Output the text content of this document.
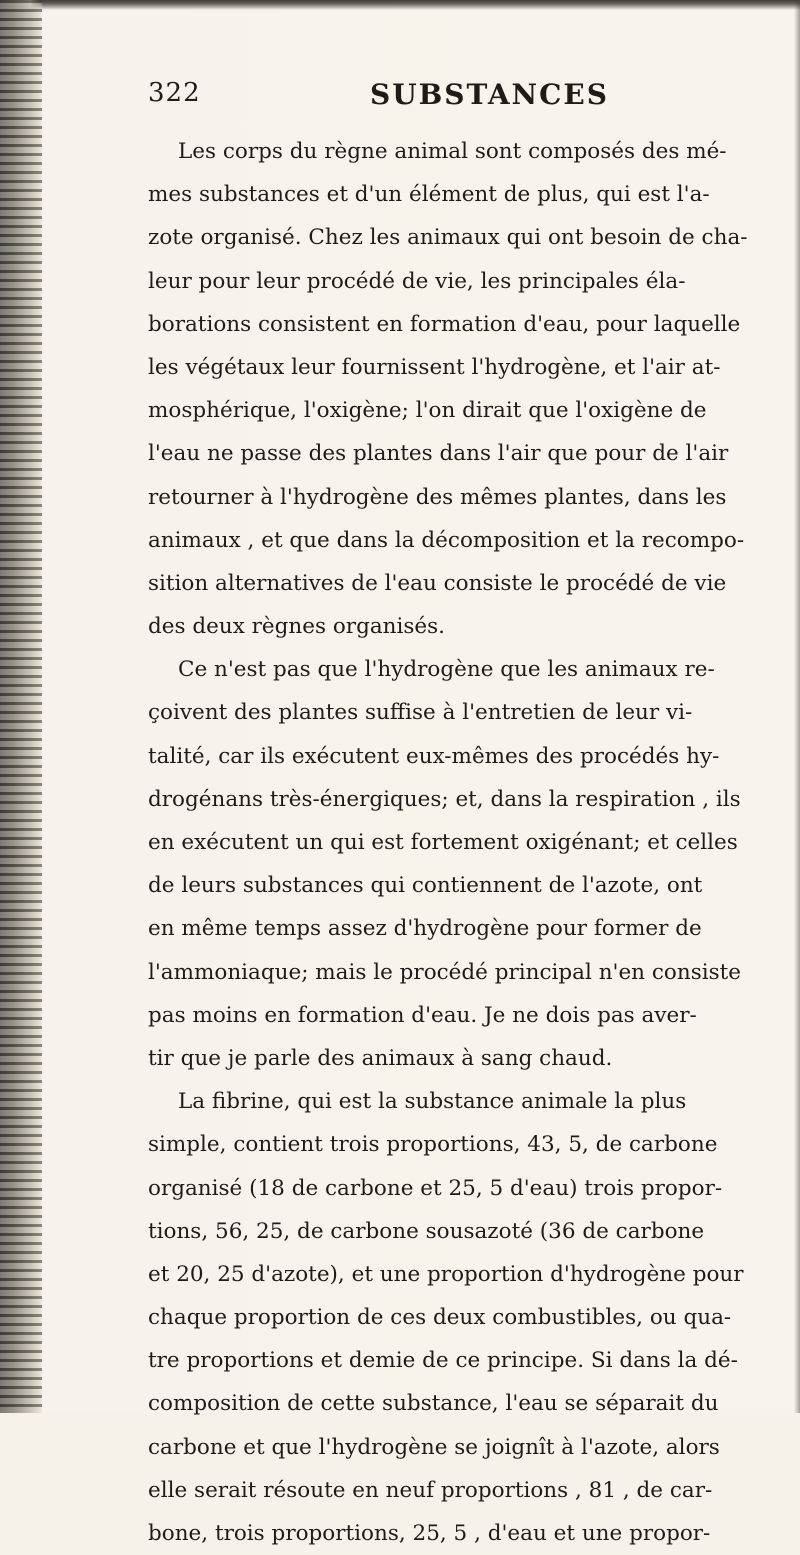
322	SUBSTANCES
Les corps du règne animal sont composés des mé-
mes substances et d'un élément de plus, qui est l'a-
zote organisé. Chez les animaux qui ont besoin de cha-
leur pour leur procédé de vie, les principales éla-
borations consistent en formation d'eau, pour laquelle
les végétaux leur fournissent l'hydrogène, et l'air at-
mosphérique, l'oxigène; l'on dirait que l'oxigène de
l'eau ne passe des plantes dans l'air que pour de l'air
retourner à l'hydrogène des mêmes plantes, dans les
animaux , et que dans la décomposition et la recompo-
sition alternatives de l'eau consiste le procédé de vie
des deux règnes organisés.
Ce n'est pas que l'hydrogène que les animaux re-
çoivent des plantes suffise à l'entretien de leur vi-
talité, car ils exécutent eux-mêmes des procédés hy-
drogénans très-énergiques; et, dans la respiration , ils
en exécutent un qui est fortement oxigénant; et celles
de leurs substances qui contiennent de l'azote, ont
en même temps assez d'hydrogène pour former de
l'ammoniaque; mais le procédé principal n'en consiste
pas moins en formation d'eau. Je ne dois pas aver-
tir que je parle des animaux à sang chaud.
La fibrine, qui est la substance animale la plus
simple, contient trois proportions, 43, 5, de carbone
organisé (18 de carbone et 25, 5 d'eau) trois propor-
tions, 56, 25, de carbone sousazoté (36 de carbone
et 20, 25 d'azote), et une proportion d'hydrogène pour
chaque proportion de ces deux combustibles, ou qua-
tre proportions et demie de ce principe. Si dans la dé-
composition de cette substance, l'eau se séparait du
carbone et que l'hydrogène se joignît à l'azote, alors
elle serait résoute en neuf proportions , 81 , de car-
bone, trois proportions, 25, 5 , d'eau et une propor-
